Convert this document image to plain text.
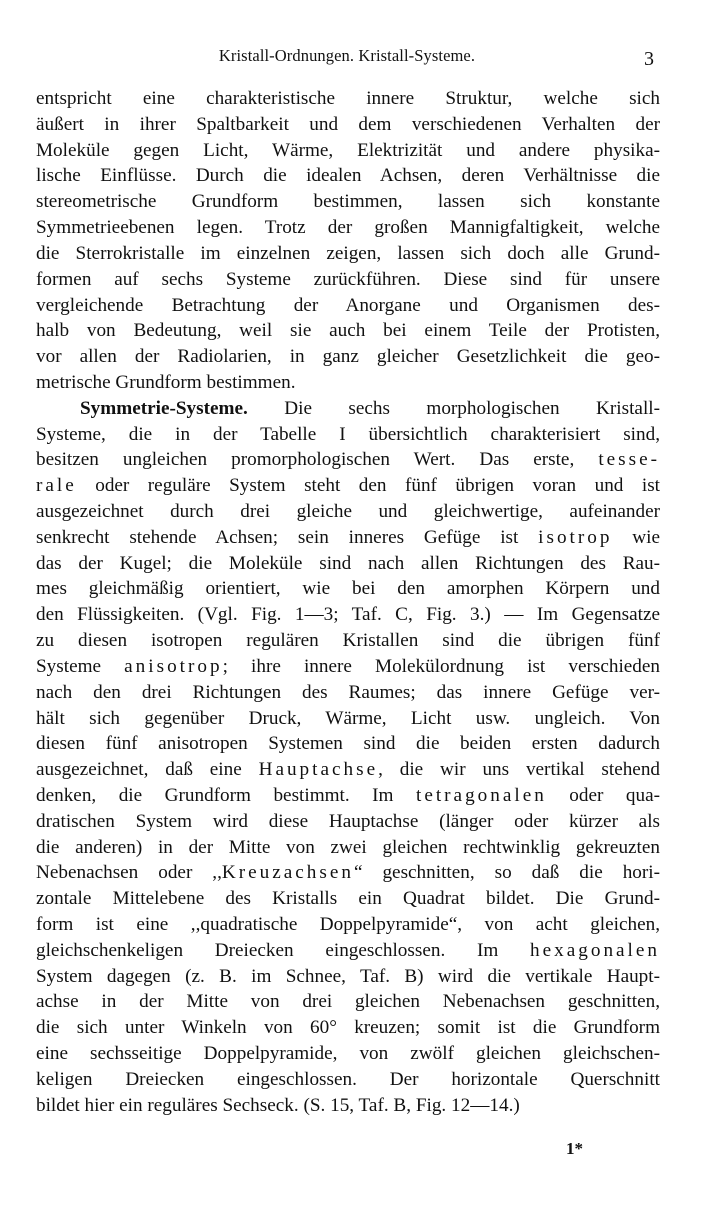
Kristall-Ordnungen. Kristall-Systeme.	3
entspricht eine charakteristische innere Struktur, welche sich
äußert in ihrer Spaltbarkeit und dem verschiedenen Verhalten der
Moleküle gegen Licht, Wärme, Elektrizität und andere physika-
lische Einflüsse. Durch die idealen Achsen, deren Verhältnisse die
stereometrische Grundform bestimmen, lassen sich konstante
Symmetrieebenen legen. Trotz der großen Mannigfaltigkeit, welche
die Sterrokristalle im einzelnen zeigen, lassen sich doch alle Grund-
formen auf sechs Systeme zurückführen. Diese sind für unsere
vergleichende Betrachtung der Anorgane und Organismen des-
halb von Bedeutung, weil sie auch bei einem Teile der Protisten,
vor allen der Radiolarien, in ganz gleicher Gesetzlichkeit die geo-
metrische Grundform bestimmen.
Symmetrie-Systeme. Die sechs morphologischen Kristall-
Systeme, die in der Tabelle I übersichtlich charakterisiert sind,
besitzen ungleichen promorphologischen Wert. Das erste, tesse-
rale oder reguläre System steht den fünf übrigen voran und ist
ausgezeichnet durch drei gleiche und gleichwertige, aufeinander
senkrecht stehende Achsen; sein inneres Gefüge ist isotrop wie
das der Kugel; die Moleküle sind nach allen Richtungen des Rau-
mes gleichmäßig orientiert, wie bei den amorphen Körpern und
den Flüssigkeiten. (Vgl. Fig. 1—3; Taf. C, Fig. 3.) — Im Gegensatze
zu diesen isotropen regulären Kristallen sind die übrigen fünf
Systeme anisotrop; ihre innere Molekülordnung ist verschieden
nach den drei Richtungen des Raumes; das innere Gefüge ver-
hält sich gegenüber Druck, Wärme, Licht usw. ungleich. Von
diesen fünf anisotropen Systemen sind die beiden ersten dadurch
ausgezeichnet, daß eine Hauptachse, die wir uns vertikal stehend
denken, die Grundform bestimmt. Im tetragonalen oder qua-
dratischen System wird diese Hauptachse (länger oder kürzer als
die anderen) in der Mitte von zwei gleichen rechtwinklig gekreuzten
Nebenachsen oder ,,Kreuzachsen“ geschnitten, so daß die hori-
zontale Mittelebene des Kristalls ein Quadrat bildet. Die Grund-
form ist eine ,,quadratische Doppelpyramide“, von acht gleichen,
gleichschenkeligen Dreiecken eingeschlossen. Im hexagonalen
System dagegen (z. B. im Schnee, Taf. B) wird die vertikale Haupt-
achse in der Mitte von drei gleichen Nebenachsen geschnitten,
die sich unter Winkeln von 60° kreuzen; somit ist die Grundform
eine sechsseitige Doppelpyramide, von zwölf gleichen gleichschen-
keligen Dreiecken eingeschlossen. Der horizontale Querschnitt
bildet hier ein reguläres Sechseck. (S. 15, Taf. B, Fig. 12—14.)
1*
